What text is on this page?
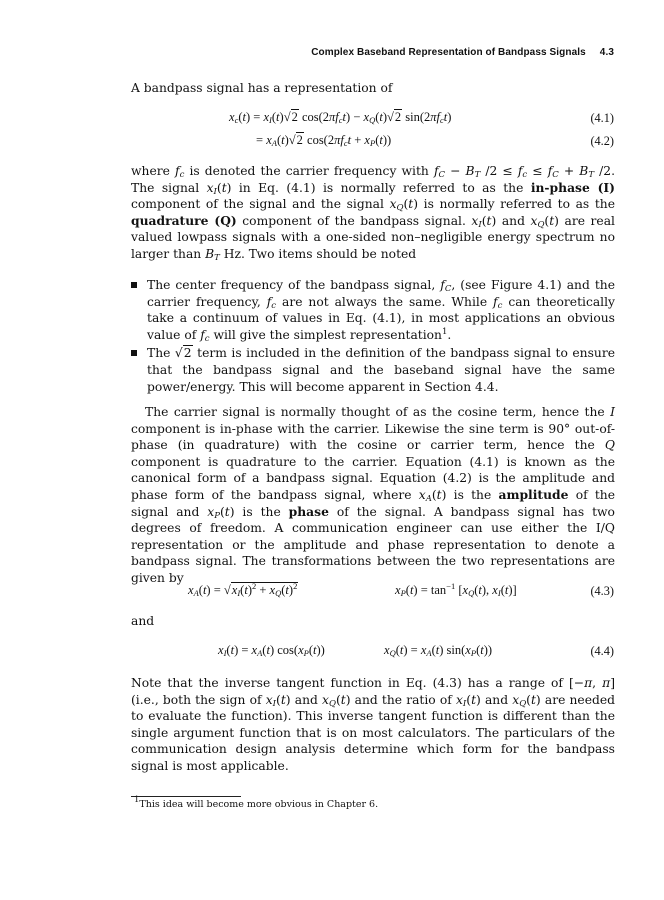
Complex Baseband Representation of Bandpass Signals 4.3

A bandpass signal has a representation of

$x_c(t) = x_I(t)√2$ $\cos(2\pi f_ct) - x_Q(t)√2$ $\sin(2\pi f_ct)$	(4.1)
= $x_A(t)√2$ $\cos(2\pi f_ct + x_P(t))$	(4.2)

where $f_c$ is denoted the carrier frequency with $f_C - B_T$ $/2 \le f_c \le f_C + B_T$ /2. The signal $x_I(t)$ in Eq. (4.1) is normally referred to as the in-phase (I) component of the signal and the signal $x_Q(t)$ is normally referred to as the quadrature (Q) component of the bandpass signal. $x_I(t)$ and $x_Q(t)$ are real valued lowpass signals with a one-sided non–negligible energy spectrum no larger than $B_T$ Hz. Two items should be noted

The center frequency of the bandpass signal, $f_C$, (see Figure 4.1) and the carrier frequency, $f_c$ are not always the same. While $f_c$ can theoretically take a continuum of values in Eq. (4.1), in most applications an obvious value of $f_c$ will give the simplest representation$^1$.
The √2 term is included in the definition of the bandpass signal to ensure that the bandpass signal and the baseband signal have the same power/energy. This will become apparent in Section 4.4.

The carrier signal is normally thought of as the cosine term, hence the I component is in-phase with the carrier. Likewise the sine term is 90° out-of-phase (in quadrature) with the cosine or carrier term, hence the Q component is quadrature to the carrier. Equation (4.1) is known as the canonical form of a bandpass signal. Equation (4.2) is the amplitude and phase form of the bandpass signal, where $x_A(t)$ is the amplitude of the signal and $x_P(t)$ is the phase of the signal. A bandpass signal has two degrees of freedom. A communication engineer can use either the I/Q representation or the amplitude and phase representation to denote a bandpass signal. The transformations between the two representations are given by

$x_A(t) = √x_I(t)^2 + x_Q(t)^2$	$x_P(t) = \tan^{-1} [x_Q(t)$, $x_I(t)$]	(4.3)
and
$x_I(t) = x_A(t)$ $\cos(x_P(t))$	$x_Q(t) = x_A(t)$ $\sin(x_P(t))$	(4.4)

Note that the inverse tangent function in Eq. (4.3) has a range of [−π, π] (i.e., both the sign of $x_I(t)$ and $x_Q(t)$ and the ratio of $x_I(t)$ and $x_Q(t)$ are needed to evaluate the function). This inverse tangent function is different than the single argument function that is on most calculators. The particulars of the communication design analysis determine which form for the bandpass signal is most applicable.

$^1$This idea will become more obvious in Chapter 6.
